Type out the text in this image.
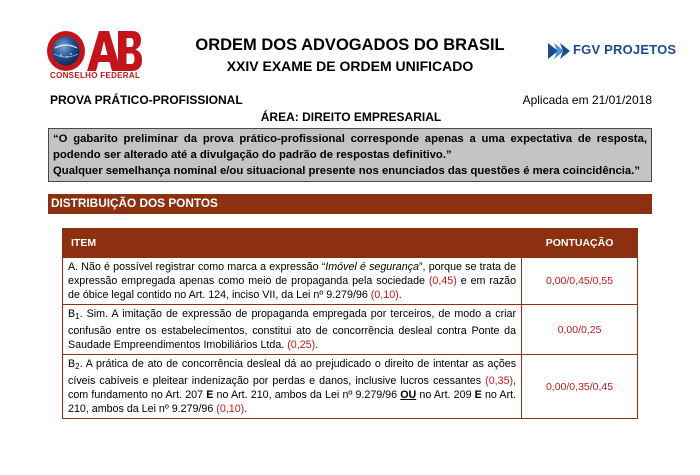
CONSELHO FEDERAL
ORDEM DOS ADVOGADOS DO BRASIL
XXIV EXAME DE ORDEM UNIFICADO
FGV PROJETOS
PROVA PRÁTICO-PROFISSIONAL	Aplicada em 21/01/2018
ÁREA: DIREITO EMPRESARIAL

“O gabarito preliminar da prova prático-profissional corresponde apenas a uma expectativa de resposta, podendo ser alterado até a divulgação do padrão de respostas definitivo.”

Qualquer semelhança nominal e/ou situacional presente nos enunciados das questões é mera coincidência.”

DISTRIBUIÇÃO DOS PONTOS
ITEM	PONTUAÇÃO
A. Não é possível registrar como marca a expressão “Imóvel é segurança”, porque se trata de expressão empregada apenas como meio de propaganda pela sociedade (0,45) e em razão de óbice legal contido no Art. 124, inciso VII, da Lei nº 9.279/96 (0,10).	0,00/0,45/0,55
$B_1$. Sim. A imitação de expressão de propaganda empregada por terceiros, de modo a criar confusão entre os estabelecimentos, constitui ato de concorrência desleal contra Ponte da Saudade Empreendimentos Imobiliários Ltda. (0,25).	0,00/0,25
$B_2$. A prática de ato de concorrência desleal dá ao prejudicado o direito de intentar as ações cíveis cabíveis e pleitear indenização por perdas e danos, inclusive lucros cessantes (0,35), com fundamento no Art. 207 E no Art. 210, ambos da Lei nº 9.279/96 OU no Art. 209 E no Art. 210, ambos da Lei nº 9.279/96 (0,10).	0,00/0,35/0,45
